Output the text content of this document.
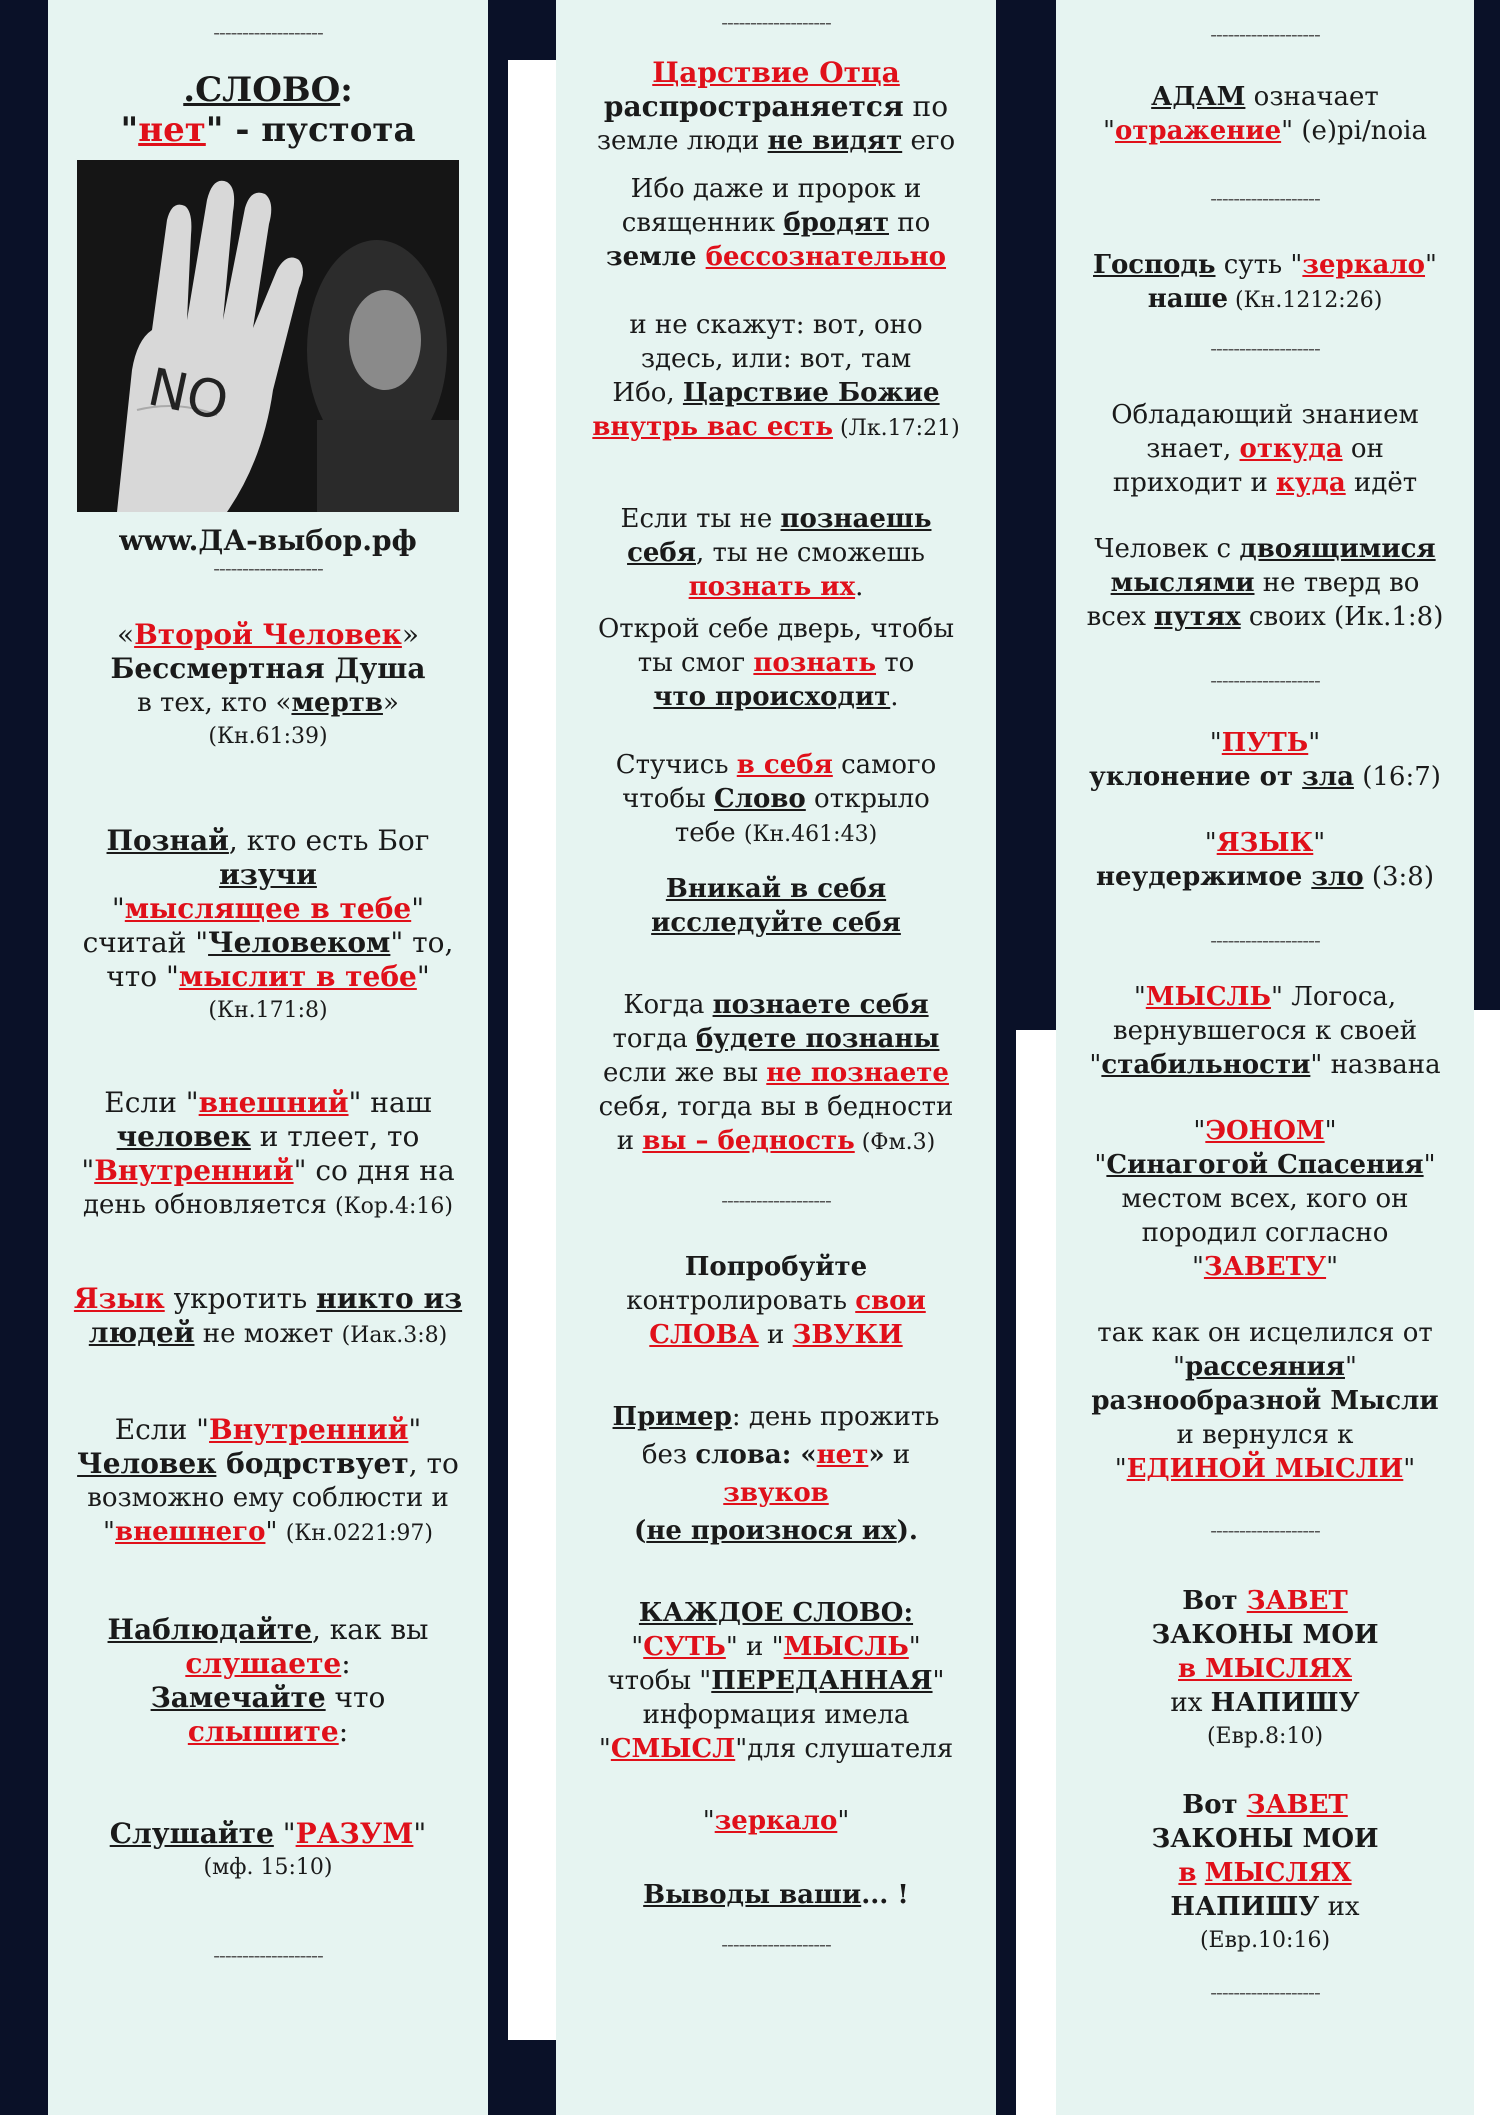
-------------------
.СЛОВО:
"нет" - пустота
NO
www.ДА-выбор.рф
-------------------

«Второй Человек»

Бессмертная Душа

в тех, кто «мертв»

(Кн.61:39)

Познай, кто есть Бог

изучи

"мыслящее в тебе"

считай "Человеком" то,

что "мыслит в тебе"

(Кн.171:8)

Если "внешний" наш

человек и тлеет, то

"Внутренний" со дня на

день обновляется (Кор.4:16)

Язык укротить никто из

людей не может (Иак.3:8)

Если "Внутренний"

Человек бодрствует, то

возможно ему соблюсти и

"внешнего" (Кн.0221:97)

Наблюдайте, как вы

слушаете:

Замечайте что

слышите:

Слушайте "РАЗУМ"

(мф. 15:10)

-------------------
-------------------

Царствие Отца

распространяется по

земле люди не видят его

Ибо даже и пророк и

священник бродят по

земле бессознательно

и не скажут: вот, оно

здесь, или: вот, там

Ибо, Царствие Божие

внутрь вас есть (Лк.17:21)

Если ты не познаешь

себя, ты не сможешь

познать их.

Открой себе дверь, чтобы

ты смог познать то

что происходит.

Стучись в себя самого

чтобы Слово открыло

тебе (Кн.461:43)

Вникай в себя

исследуйте себя

Когда познаете себя

тогда будете познаны

если же вы не познаете

себя, тогда вы в бедности

и вы – бедность (Фм.3)

-------------------

Попробуйте

контролировать свои

СЛОВА и ЗВУКИ

Пример: день прожить

без слова: «нет» и

звуков

(не произнося их).

КАЖДОЕ СЛОВО:

"СУТЬ" и "МЫСЛЬ"

чтобы "ПЕРЕДАННАЯ"

информация имела

"СМЫСЛ"для слушателя

"зеркало"

Выводы ваши... !

-------------------
-------------------

АДАМ означает

"отражение" (е)pi/noia

-------------------

Господь суть "зеркало"

наше (Кн.1212:26)

-------------------

Обладающий знанием

знает, откуда он

приходит и куда идёт

Человек с двоящимися

мыслями не тверд во

всех путях своих (Ик.1:8)

-------------------

"ПУТЬ"

уклонение от зла (16:7)

"ЯЗЫК"

неудержимое зло (3:8)

-------------------

"МЫСЛЬ" Логоса,

вернувшегося к своей

"стабильности" названа

"ЭОНОМ"

"Синагогой Спасения"

местом всех, кого он

породил согласно

"ЗАВЕТУ"

так как он исцелился от

"рассеяния"

разнообразной Мысли

и вернулся к

"ЕДИНОЙ МЫСЛИ"

-------------------

Вот ЗАВЕТ

ЗАКОНЫ МОИ

в МЫСЛЯХ

их НАПИШУ

(Евр.8:10)

Вот ЗАВЕТ

ЗАКОНЫ МОИ

в МЫСЛЯХ

НАПИШУ их

(Евр.10:16)

-------------------
